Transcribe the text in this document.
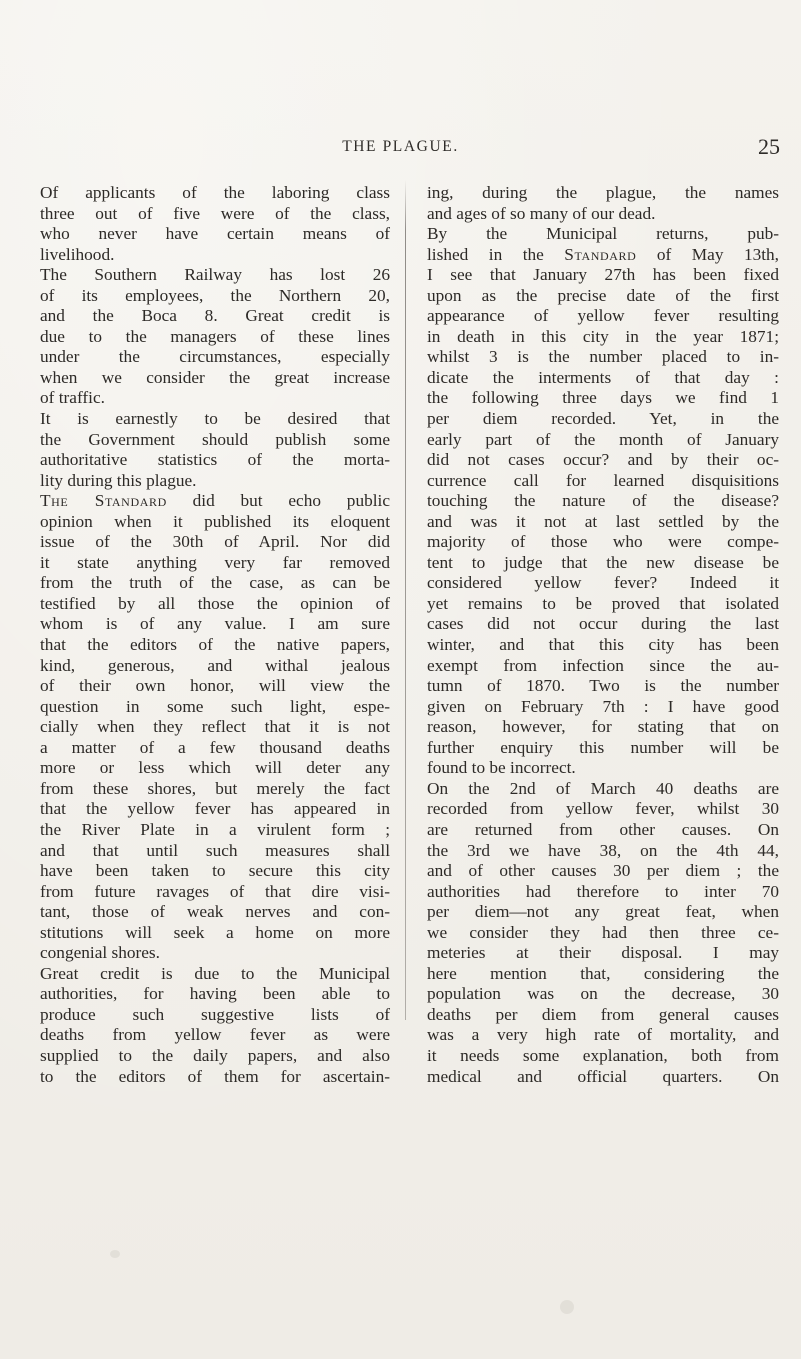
THE PLAGUE.	25

Of applicants of the laboring class

three out of five were of the class,

who never have certain means of

livelihood.

The Southern Railway has lost 26

of its employees, the Northern 20,

and the Boca 8. Great credit is

due to the managers of these lines

under the circumstances, especially

when we consider the great increase

of traffic.

It is earnestly to be desired that

the Government should publish some

authoritative statistics of the morta-

lity during this plague.

The Standard did but echo public

opinion when it published its eloquent

issue of the 30th of April. Nor did

it state anything very far removed

from the truth of the case, as can be

testified by all those the opinion of

whom is of any value. I am sure

that the editors of the native papers,

kind, generous, and withal jealous

of their own honor, will view the

question in some such light, espe-

cially when they reflect that it is not

a matter of a few thousand deaths

more or less which will deter any

from these shores, but merely the fact

that the yellow fever has appeared in

the River Plate in a virulent form ;

and that until such measures shall

have been taken to secure this city

from future ravages of that dire visi-

tant, those of weak nerves and con-

stitutions will seek a home on more

congenial shores.

Great credit is due to the Municipal

authorities, for having been able to

produce such suggestive lists of

deaths from yellow fever as were

supplied to the daily papers, and also

to the editors of them for ascertain-

ing, during the plague, the names

and ages of so many of our dead.

By the Municipal returns, pub-

lished in the Standard of May 13th,

I see that January 27th has been fixed

upon as the precise date of the first

appearance of yellow fever resulting

in death in this city in the year 1871;

whilst 3 is the number placed to in-

dicate the interments of that day :

the following three days we find 1

per diem recorded. Yet, in the

early part of the month of January

did not cases occur? and by their oc-

currence call for learned disquisitions

touching the nature of the disease?

and was it not at last settled by the

majority of those who were compe-

tent to judge that the new disease be

considered yellow fever? Indeed it

yet remains to be proved that isolated

cases did not occur during the last

winter, and that this city has been

exempt from infection since the au-

tumn of 1870. Two is the number

given on February 7th : I have good

reason, however, for stating that on

further enquiry this number will be

found to be incorrect.

On the 2nd of March 40 deaths are

recorded from yellow fever, whilst 30

are returned from other causes. On

the 3rd we have 38, on the 4th 44,

and of other causes 30 per diem ; the

authorities had therefore to inter 70

per diem—not any great feat, when

we consider they had then three ce-

meteries at their disposal. I may

here mention that, considering the

population was on the decrease, 30

deaths per diem from general causes

was a very high rate of mortality, and

it needs some explanation, both from

medical and official quarters. On
